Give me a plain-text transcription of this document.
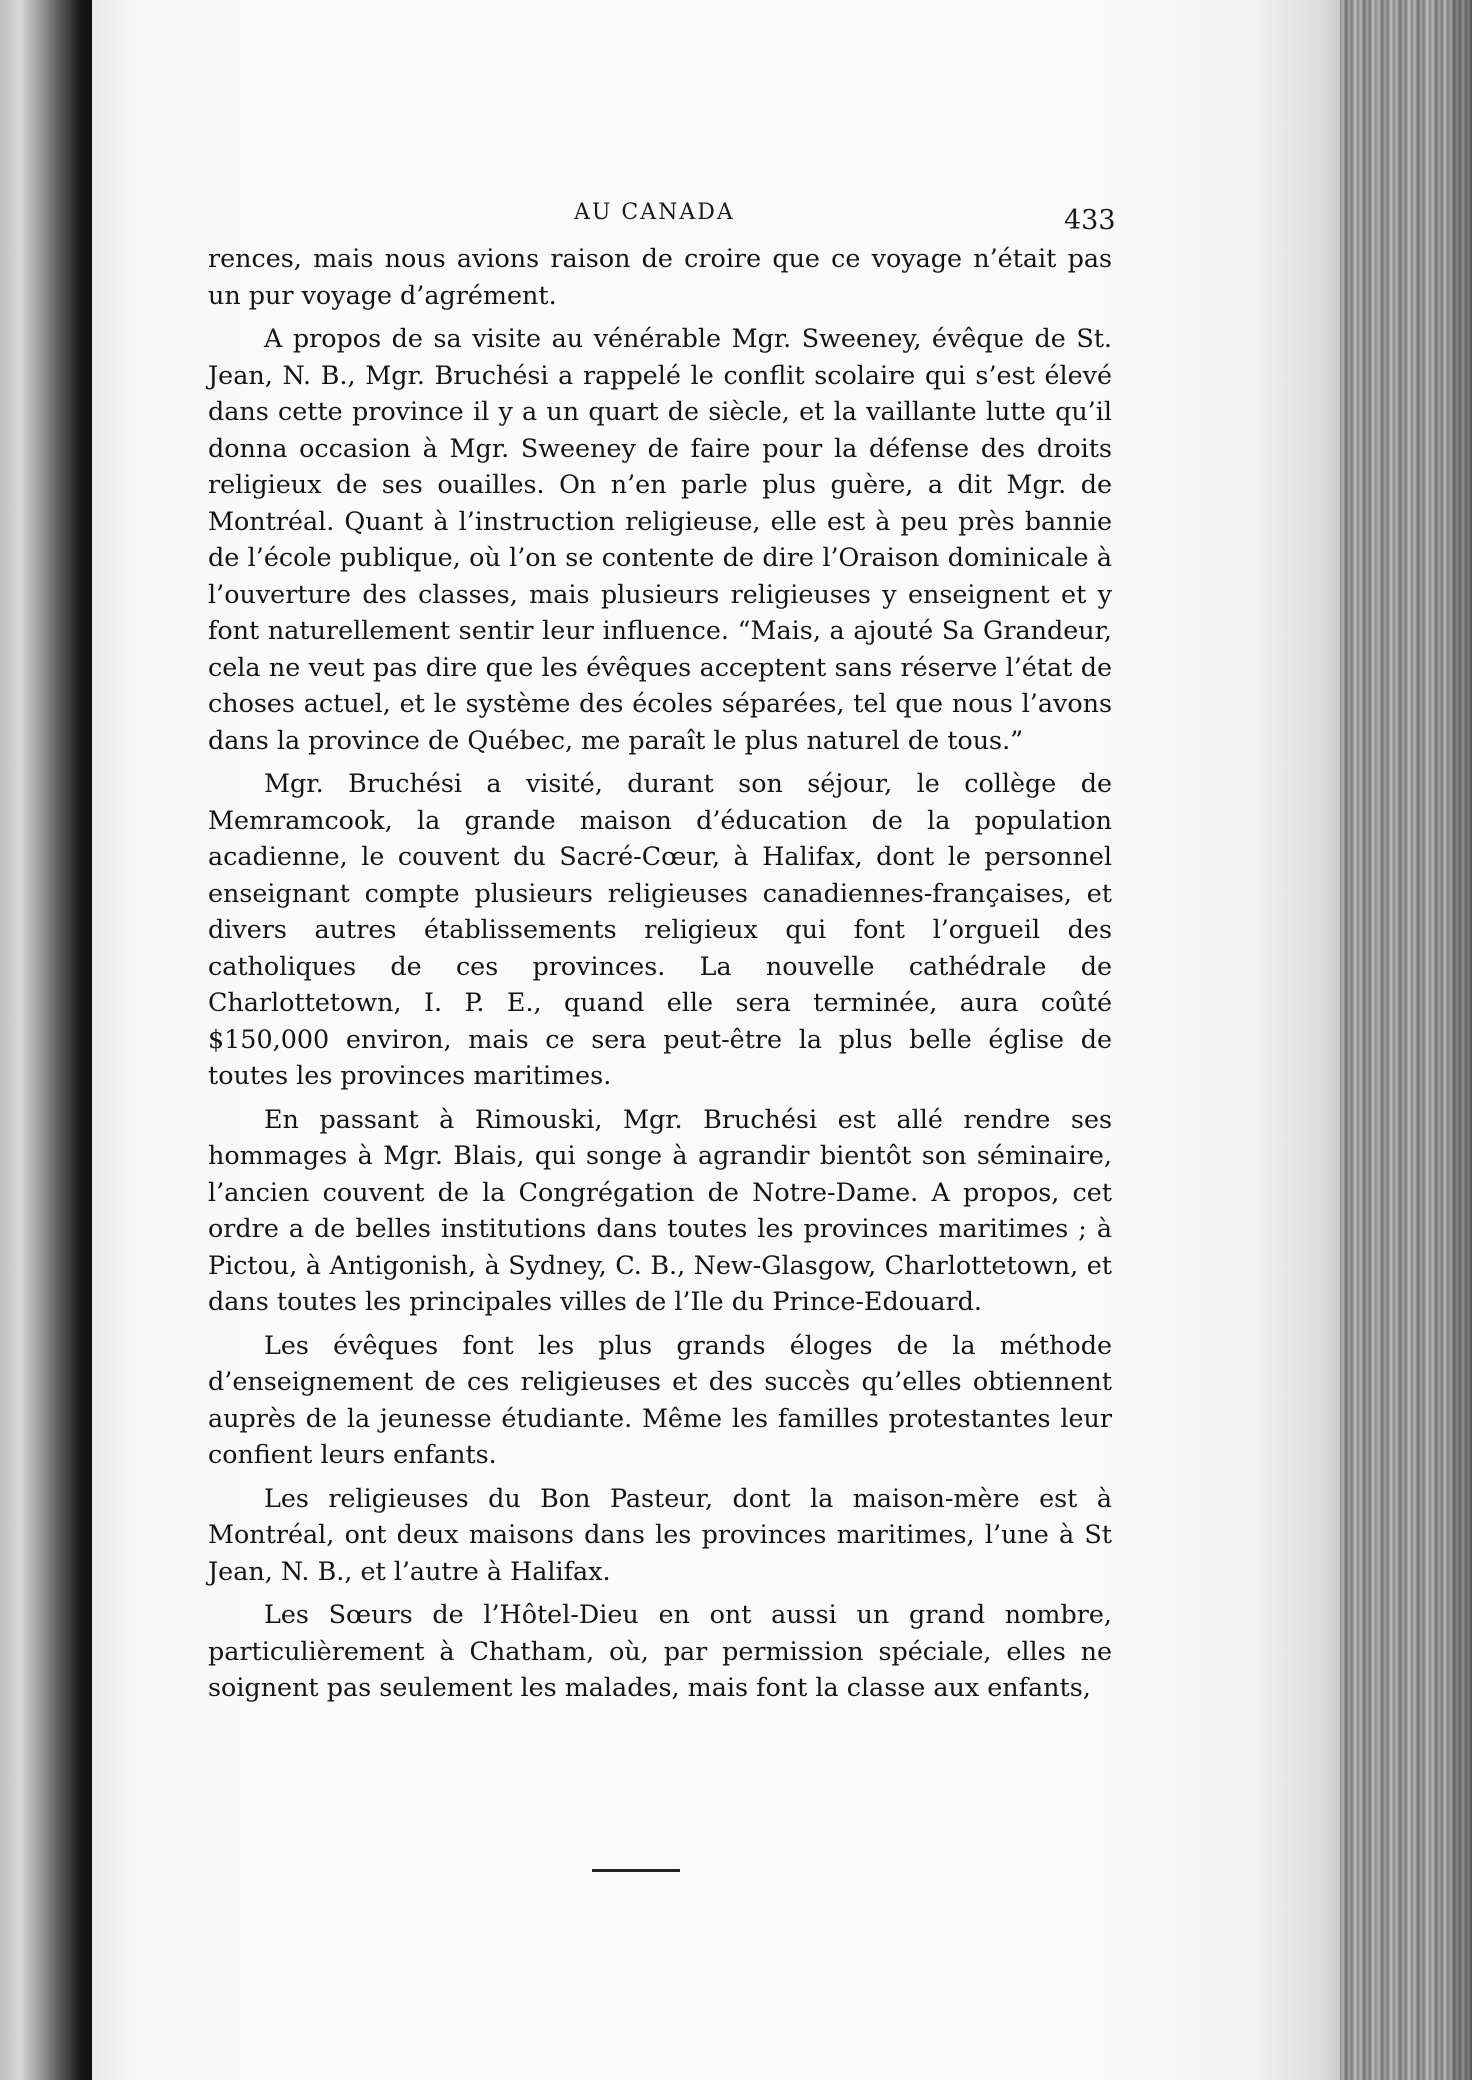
AU CANADA	433

rences, mais nous avions raison de croire que ce voyage n’était pas un pur voyage d’agrément.

A propos de sa visite au vénérable Mgr. Sweeney, évêque de St. Jean, N. B., Mgr. Bruchési a rappelé le conflit scolaire qui s’est élevé dans cette province il y a un quart de siècle, et la vaillante lutte qu’il donna occasion à Mgr. Sweeney de faire pour la défense des droits religieux de ses ouailles. On n’en parle plus guère, a dit Mgr. de Montréal. Quant à l’instruction religieuse, elle est à peu près bannie de l’école publique, où l’on se contente de dire l’Oraison dominicale à l’ouverture des classes, mais plusieurs religieuses y enseignent et y font naturellement sentir leur influence. “Mais, a ajouté Sa Grandeur, cela ne veut pas dire que les évêques acceptent sans réserve l’état de choses actuel, et le système des écoles séparées, tel que nous l’avons dans la province de Québec, me paraît le plus naturel de tous.”

Mgr. Bruchési a visité, durant son séjour, le collège de Memramcook, la grande maison d’éducation de la population acadienne, le couvent du Sacré-Cœur, à Halifax, dont le personnel enseignant compte plusieurs religieuses canadiennes-françaises, et divers autres établissements religieux qui font l’orgueil des catholiques de ces provinces. La nouvelle cathédrale de Charlottetown, I. P. E., quand elle sera terminée, aura coûté $150,000 environ, mais ce sera peut-être la plus belle église de toutes les provinces maritimes.

En passant à Rimouski, Mgr. Bruchési est allé rendre ses hommages à Mgr. Blais, qui songe à agrandir bientôt son séminaire, l’ancien couvent de la Congrégation de Notre-Dame. A propos, cet ordre a de belles institutions dans toutes les provinces maritimes ; à Pictou, à Antigonish, à Sydney, C. B., New-Glasgow, Charlottetown, et dans toutes les principales villes de l’Ile du Prince-Edouard.

Les évêques font les plus grands éloges de la méthode d’enseignement de ces religieuses et des succès qu’elles obtiennent auprès de la jeunesse étudiante. Même les familles protestantes leur confient leurs enfants.

Les religieuses du Bon Pasteur, dont la maison-mère est à Montréal, ont deux maisons dans les provinces maritimes, l’une à St Jean, N. B., et l’autre à Halifax.

Les Sœurs de l’Hôtel-Dieu en ont aussi un grand nombre, particulièrement à Chatham, où, par permission spéciale, elles ne soignent pas seulement les malades, mais font la classe aux enfants,
